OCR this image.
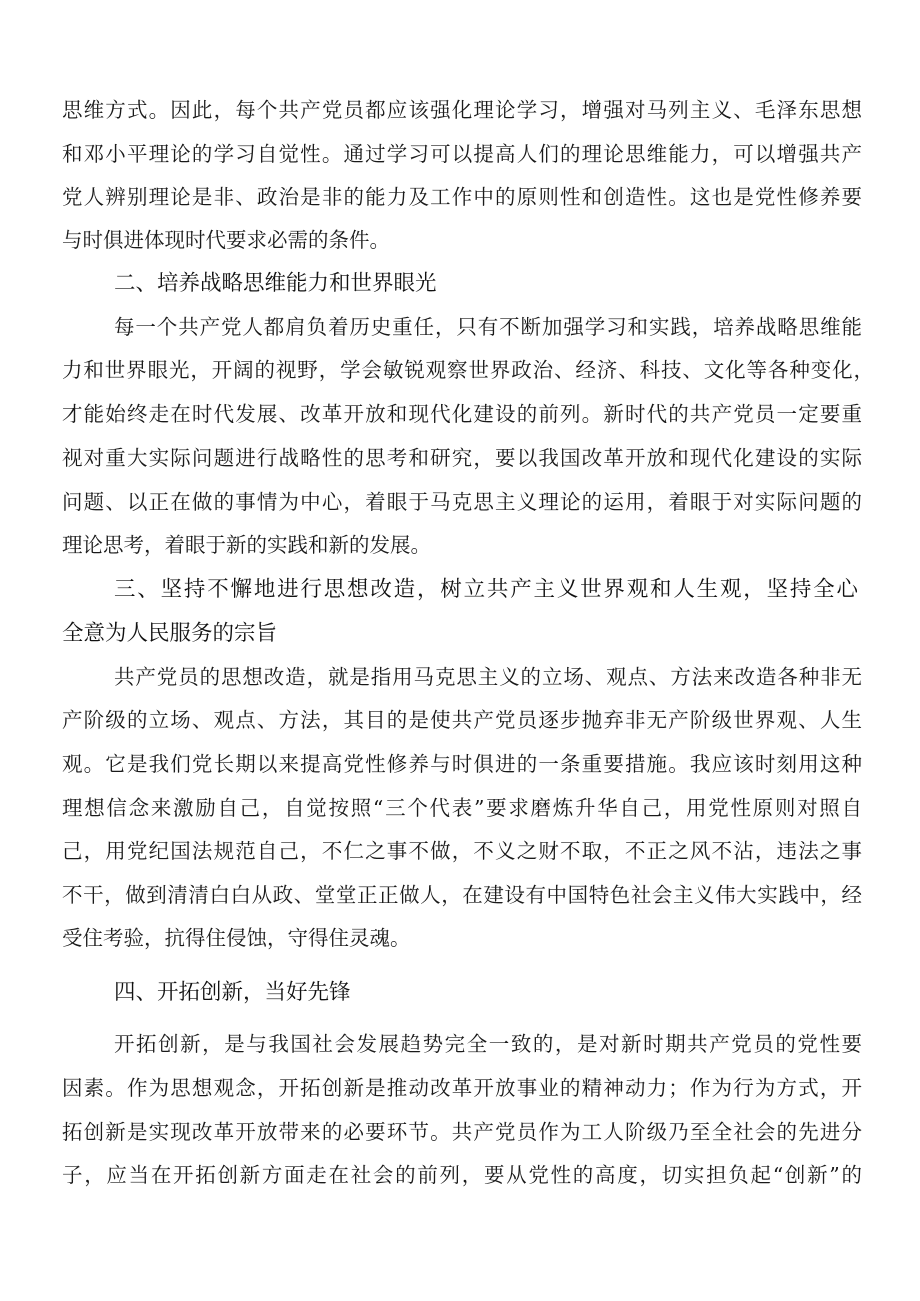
思维方式。因此，每个共产党员都应该强化理论学习，增强对马列主义、毛泽东思想
和邓小平理论的学习自觉性。通过学习可以提高人们的理论思维能力，可以增强共产
党人辨别理论是非、政治是非的能力及工作中的原则性和创造性。这也是党性修养要
与时俱进体现时代要求必需的条件。
二、培养战略思维能力和世界眼光
每一个共产党人都肩负着历史重任，只有不断加强学习和实践，培养战略思维能
力和世界眼光，开阔的视野，学会敏锐观察世界政治、经济、科技、文化等各种变化，
才能始终走在时代发展、改革开放和现代化建设的前列。新时代的共产党员一定要重
视对重大实际问题进行战略性的思考和研究，要以我国改革开放和现代化建设的实际
问题、以正在做的事情为中心，着眼于马克思主义理论的运用，着眼于对实际问题的
理论思考，着眼于新的实践和新的发展。
三、坚持不懈地进行思想改造，树立共产主义世界观和人生观，坚持全心
全意为人民服务的宗旨
共产党员的思想改造，就是指用马克思主义的立场、观点、方法来改造各种非无
产阶级的立场、观点、方法，其目的是使共产党员逐步抛弃非无产阶级世界观、人生
观。它是我们党长期以来提高党性修养与时俱进的一条重要措施。我应该时刻用这种
理想信念来激励自己，自觉按照“三个代表”要求磨炼升华自己，用党性原则对照自
己，用党纪国法规范自己，不仁之事不做，不义之财不取，不正之风不沾，违法之事
不干，做到清清白白从政、堂堂正正做人，在建设有中国特色社会主义伟大实践中，经
受住考验，抗得住侵蚀，守得住灵魂。
四、开拓创新，当好先锋
开拓创新，是与我国社会发展趋势完全一致的，是对新时期共产党员的党性要
因素。作为思想观念，开拓创新是推动改革开放事业的精神动力；作为行为方式，开
拓创新是实现改革开放带来的必要环节。共产党员作为工人阶级乃至全社会的先进分
子，应当在开拓创新方面走在社会的前列，要从党性的高度，切实担负起“创新”的
